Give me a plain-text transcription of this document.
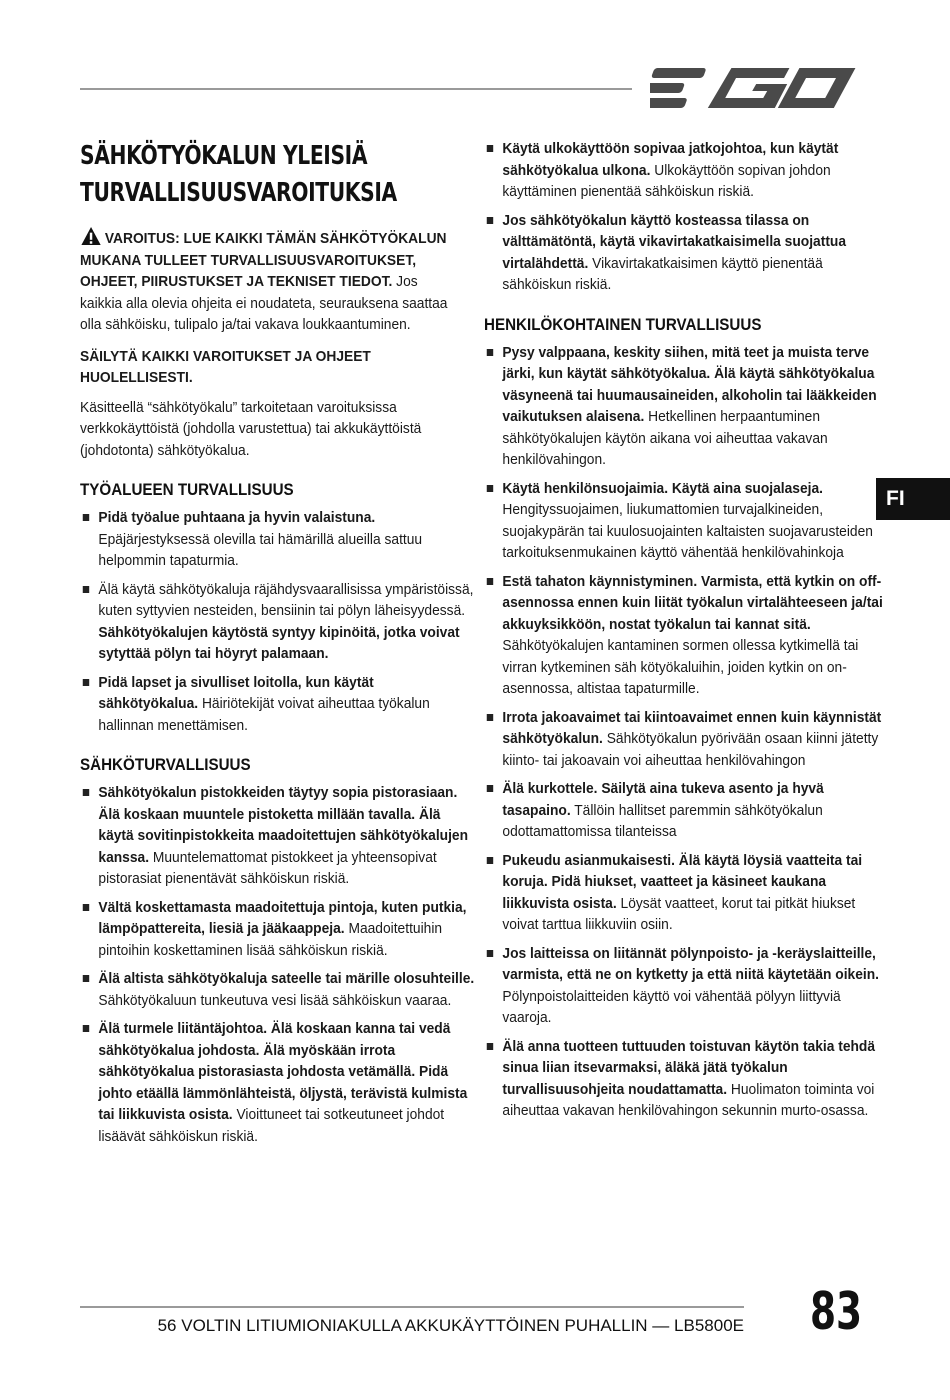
SÄHKÖTYÖKALUN YLEISIÄ
TURVALLISUUSVAROITUKSIA
VAROITUS: LUE KAIKKI TÄMÄN SÄHKÖTYÖKALUN MUKANA TULLEET TURVALLISUUSVAROITUKSET, OHJEET, PIIRUSTUKSET JA TEKNISET TIEDOT. Jos kaikkia alla olevia ohjeita ei noudateta, seurauksena saattaa olla sähköisku, tulipalo ja/tai vakava loukkaantuminen.
SÄILYTÄ KAIKKI VAROITUKSET JA OHJEET HUOLELLISESTI.
Käsitteellä “sähkötyökalu” tarkoitetaan varoituksissa verkkokäyttöistä (johdolla varustettua) tai akkukäyttöistä (johdotonta) sähkötyökalua.
TYÖALUEEN TURVALLISUUS
Pidä työalue puhtaana ja hyvin valaistuna. Epäjärjestyksessä olevilla tai hämärillä alueilla sattuu helpommin tapaturmia.
Älä käytä sähkötyökaluja räjähdysvaarallisissa ympäristöissä, kuten syttyvien nesteiden, bensiinin tai pölyn läheisyydessä. Sähkötyökalujen käytöstä syntyy kipinöitä, jotka voivat sytyttää pölyn tai höyryt palamaan.
Pidä lapset ja sivulliset loitolla, kun käytät sähkötyökalua. Häiriötekijät voivat aiheuttaa työkalun hallinnan menettämisen.
SÄHKÖTURVALLISUUS
Sähkötyökalun pistokkeiden täytyy sopia pistorasiaan. Älä koskaan muuntele pistoketta millään tavalla. Älä käytä sovitinpistokkeita maadoitettujen sähkötyökalujen kanssa. Muuntelemattomat pistokkeet ja yhteensopivat pistorasiat pienentävät sähköiskun riskiä.
Vältä koskettamasta maadoitettuja pintoja, kuten putkia, lämpöpattereita, liesiä ja jääkaappeja. Maadoitettuihin pintoihin koskettaminen lisää sähköiskun riskiä.
Älä altista sähkötyökaluja sateelle tai märille olosuhteille. Sähkötyökaluun tunkeutuva vesi lisää sähköiskun vaaraa.
Älä turmele liitäntäjohtoa. Älä koskaan kanna tai vedä sähkötyökalua johdosta. Älä myöskään irrota sähkötyökalua pistorasiasta johdosta vetämällä. Pidä johto etäällä lämmönlähteistä, öljystä, terävistä kulmista tai liikkuvista osista. Vioittuneet tai sotkeutuneet johdot lisäävät sähköiskun riskiä.
Käytä ulkokäyttöön sopivaa jatkojohtoa, kun käytät sähkötyökalua ulkona. Ulkokäyttöön sopivan johdon käyttäminen pienentää sähköiskun riskiä.
Jos sähkötyökalun käyttö kosteassa tilassa on välttämätöntä, käytä vikavirtakatkaisimella suojattua virtalähdettä. Vikavirtakatkaisimen käyttö pienentää sähköiskun riskiä.
HENKILÖKOHTAINEN TURVALLISUUS
Pysy valppaana, keskity siihen, mitä teet ja muista terve järki, kun käytät sähkötyökalua. Älä käytä sähkötyökalua väsyneenä tai huumausaineiden, alkoholin tai lääkkeiden vaikutuksen alaisena. Hetkellinen herpaantuminen sähkötyökalujen käytön aikana voi aiheuttaa vakavan henkilövahingon.
Käytä henkilönsuojaimia. Käytä aina suojalaseja. Hengityssuojaimen, liukumattomien turvajalkineiden, suojakypärän tai kuulosuojainten kaltaisten suojavarusteiden tarkoituksenmukainen käyttö vähentää henkilövahinkoja
Estä tahaton käynnistyminen. Varmista, että kytkin on off-asennossa ennen kuin liität työkalun virtalähteeseen ja/tai akkuyksikköön, nostat työkalun tai kannat sitä. Sähkötyökalujen kantaminen sormen ollessa kytkimellä tai virran kytkeminen säh kötyökaluihin, joiden kytkin on on-asennossa, altistaa tapaturmille.
Irrota jakoavaimet tai kiintoavaimet ennen kuin käynnistät sähkötyökalun. Sähkötyökalun pyörivään osaan kiinni jätetty kiinto- tai jakoavain voi aiheuttaa henkilövahingon
Älä kurkottele. Säilytä aina tukeva asento ja hyvä tasapaino. Tällöin hallitset paremmin sähkötyökalun odottamattomissa tilanteissa
Pukeudu asianmukaisesti. Älä käytä löysiä vaatteita tai koruja. Pidä hiukset, vaatteet ja käsineet kaukana liikkuvista osista. Löysät vaatteet, korut tai pitkät hiukset voivat tarttua liikkuviin osiin.
Jos laitteissa on liitännät pölynpoisto- ja -keräyslaitteille, varmista, että ne on kytketty ja että niitä käytetään oikein. Pölynpoistolaitteiden käyttö voi vähentää pölyyn liittyviä vaaroja.
Älä anna tuotteen tuttuuden toistuvan käytön takia tehdä sinua liian itsevarmaksi, äläkä jätä työkalun turvallisuusohjeita noudattamatta. Huolimaton toiminta voi aiheuttaa vakavan henkilövahingon sekunnin murto-osassa.
FI
56 VOLTIN LITIUMIONIAKULLA AKKUKÄYTTÖINEN PUHALLIN — LB5800E 83
